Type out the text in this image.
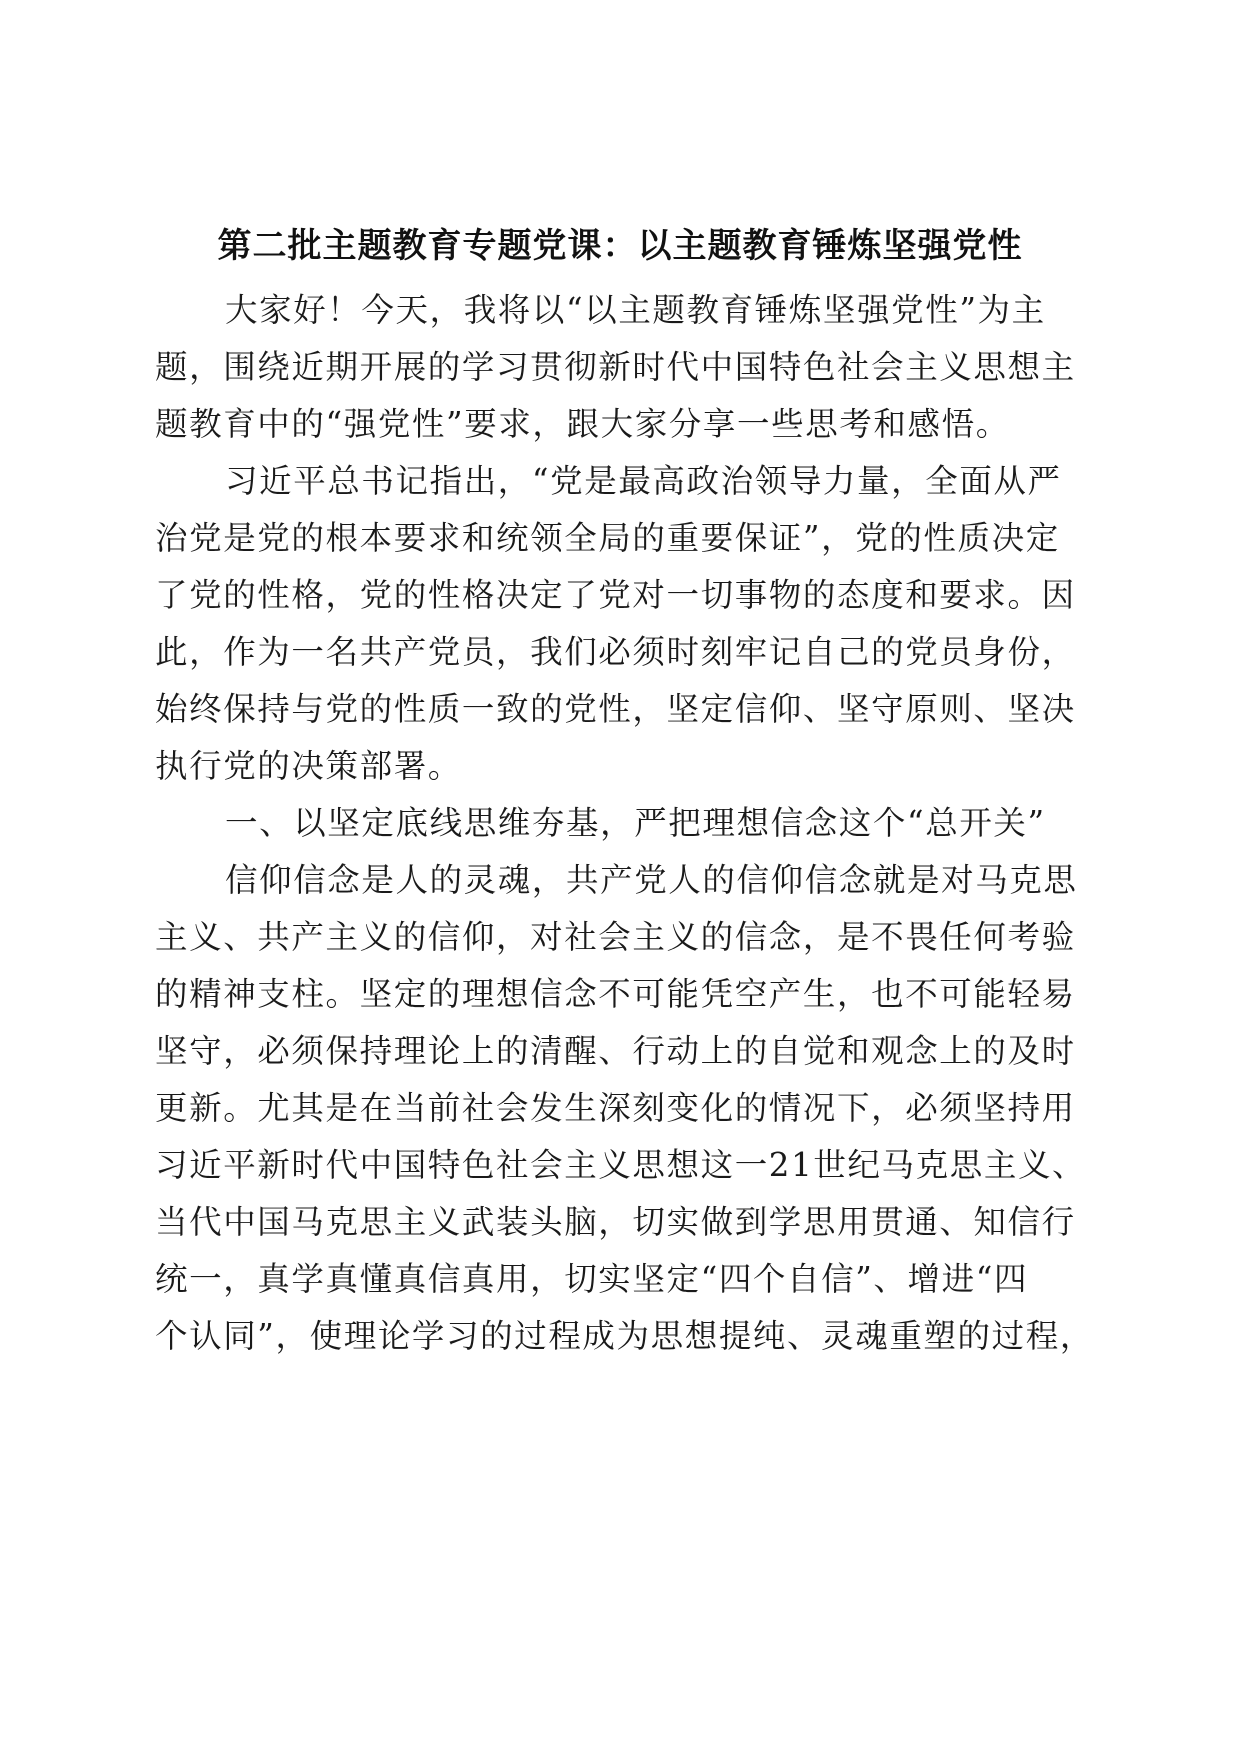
第二批主题教育专题党课：以主题教育锤炼坚强党性
大家好！今天，我将以“以主题教育锤炼坚强党性”为主
题，围绕近期开展的学习贯彻新时代中国特色社会主义思想主
题教育中的“强党性”要求，跟大家分享一些思考和感悟。
习近平总书记指出，“党是最高政治领导力量，全面从严
治党是党的根本要求和统领全局的重要保证”，党的性质决定
了党的性格，党的性格决定了党对一切事物的态度和要求。因
此，作为一名共产党员，我们必须时刻牢记自己的党员身份，
始终保持与党的性质一致的党性，坚定信仰、坚守原则、坚决
执行党的决策部署。
一、以坚定底线思维夯基，严把理想信念这个“总开关”
信仰信念是人的灵魂，共产党人的信仰信念就是对马克思
主义、共产主义的信仰，对社会主义的信念，是不畏任何考验
的精神支柱。坚定的理想信念不可能凭空产生，也不可能轻易
坚守，必须保持理论上的清醒、行动上的自觉和观念上的及时
更新。尤其是在当前社会发生深刻变化的情况下，必须坚持用
习近平新时代中国特色社会主义思想这一21世纪马克思主义、
当代中国马克思主义武装头脑，切实做到学思用贯通、知信行
统一，真学真懂真信真用，切实坚定“四个自信”、增进“四
个认同”，使理论学习的过程成为思想提纯、灵魂重塑的过程，
